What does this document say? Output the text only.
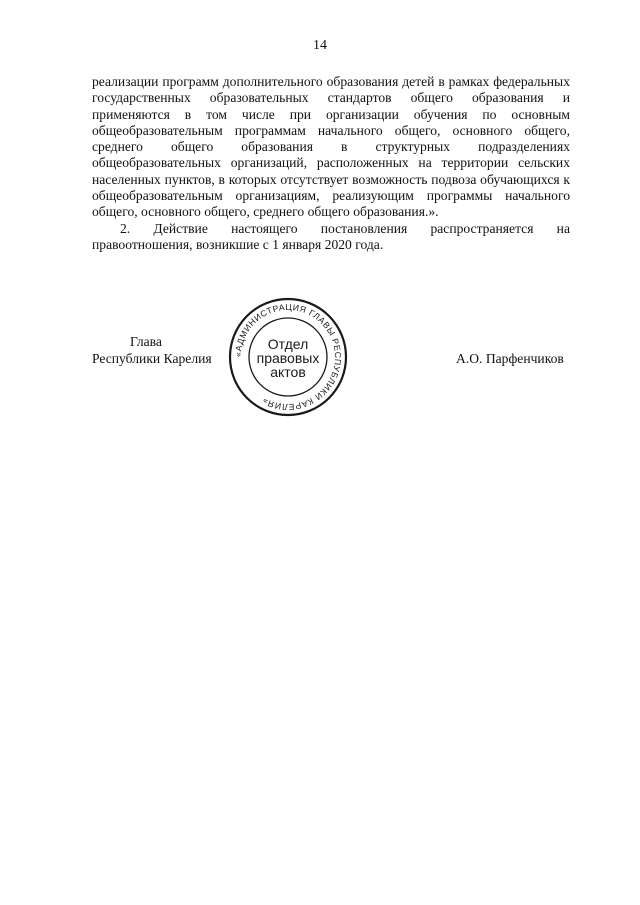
14

реализации программ дополнительного образования детей в рамках федеральных государственных образовательных стандартов общего образования и применяются в том числе при организации обучения по основным общеобразовательным программам начального общего, основного общего, среднего общего образования в структурных подразделениях общеобразовательных организаций, расположенных на территории сельских населенных пунктов, в которых отсутствует возможность подвоза обучающихся к общеобразовательным организациям, реализующим программы начального общего, основного общего, среднего общего образования.».

2. Действие настоящего постановления распространяется на правоотношения, возникшие с 1 января 2020 года.

Глава
Республики Карелия	А.О. Парфенчиков
«АДМИНИСТРАЦИЯ ГЛАВЫ РЕСПУБЛИКИ КАРЕЛИЯ»
Отдел
правовых
актов
